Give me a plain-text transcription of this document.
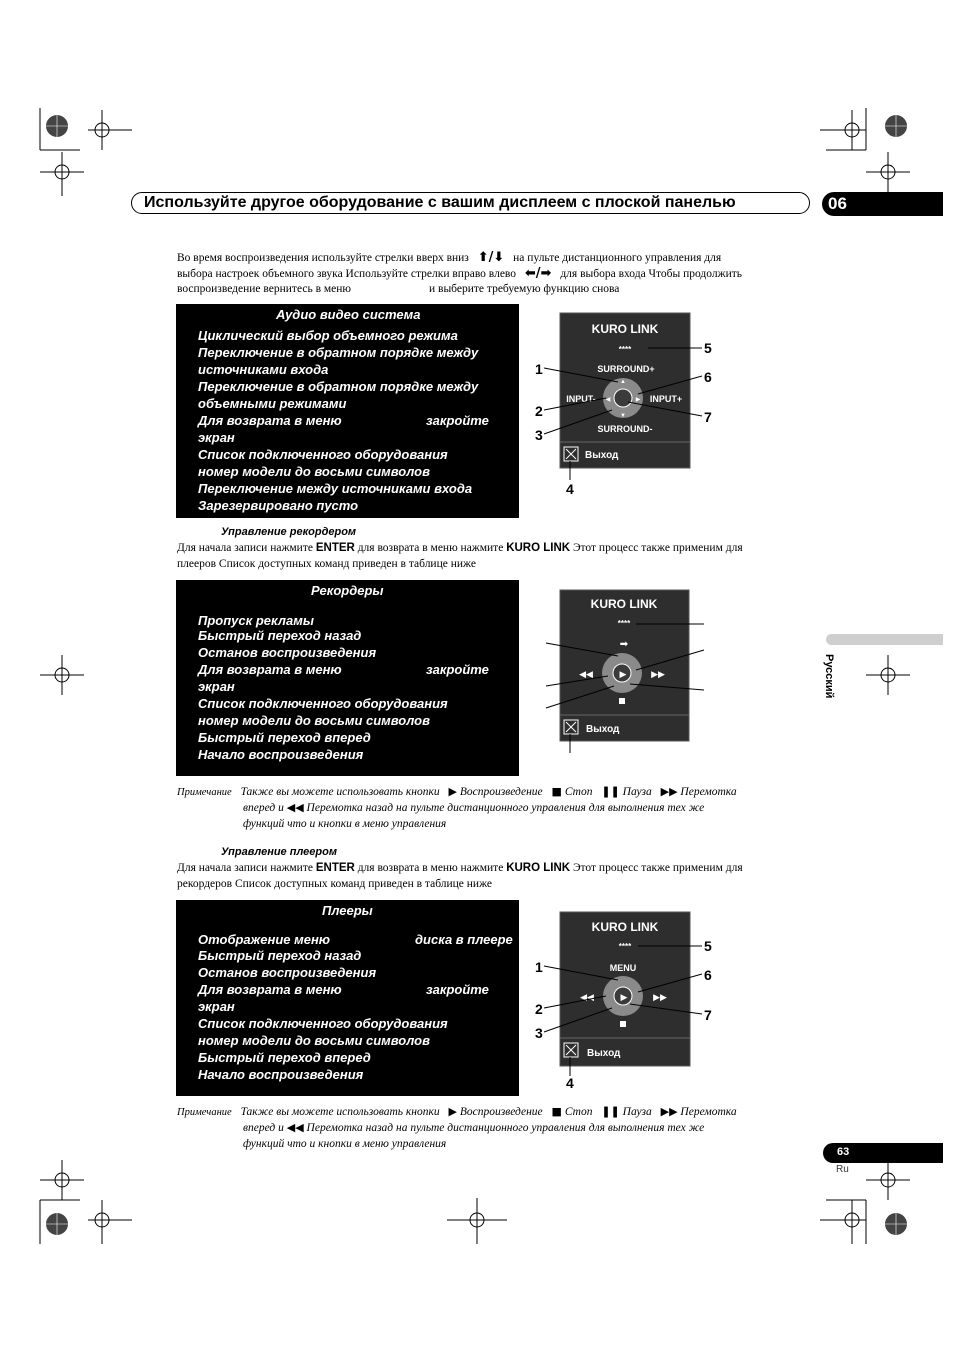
Используйте другое оборудование с вашим дисплеем с плоской панелью	06
Во время воспроизведения используйте стрелки вверх вниз ⬆/⬇ на пульте дистанционного управления для
выбора настроек объемного звука Используйте стрелки вправо влево ⬅/➡ для выбора входа Чтобы продолжить
воспроизведение вернитесь в меню	и выберите требуемую функцию снова
Аудио видео система
Циклический выбор объемного режима
Переключение в обратном порядке между
источниками входа
Переключение в обратном порядке между
объемными режимами
Для возврата в меню	закройте
экран
Список подключенного оборудования
номер модели до восьми символов
Переключение между источниками входа
Зарезервировано пусто
KURO LINK
****
SURROUND+
INPUT-	INPUT+
SURROUND-
▲
▼
◀	▶
Выход
1
2
3
4
5
6
7
Управление рекордером
Для начала записи нажмите ENTER для возврата в меню нажмите KURO LINK Этот процесс также применим для
плееров Список доступных команд приведен в таблице ниже
Рекордеры
Пропуск рекламы
Быстрый переход назад
Останов воспроизведения
Для возврата в меню	закройте
экран
Список подключенного оборудования
номер модели до восьми символов
Быстрый переход вперед
Начало воспроизведения
KURO LINK
****
➡
◀◀	▶▶
▶
Выход
Примечание Также вы можете использовать кнопки ▶ Воспроизведение ■ Стоп ❚❚ Пауза ▶▶ Перемотка
вперед и ◀◀ Перемотка назад на пульте дистанционного управления для выполнения тех же
функций что и кнопки в меню управления
Управление плеером
Для начала записи нажмите ENTER для возврата в меню нажмите KURO LINK Этот процесс также применим для
рекордеров Список доступных команд приведен в таблице ниже
Плееры
Отображение меню	диска в плеере
Быстрый переход назад
Останов воспроизведения
Для возврата в меню	закройте
экран
Список подключенного оборудования
номер модели до восьми символов
Быстрый переход вперед
Начало воспроизведения
KURO LINK
****
MENU
◀◀	▶▶
▶
Выход
1
2
3
4
5
6
7
Примечание Также вы можете использовать кнопки ▶ Воспроизведение ■ Стоп ❚❚ Пауза ▶▶ Перемотка
вперед и ◀◀ Перемотка назад на пульте дистанционного управления для выполнения тех же
функций что и кнопки в меню управления
Русский
63
Ru
